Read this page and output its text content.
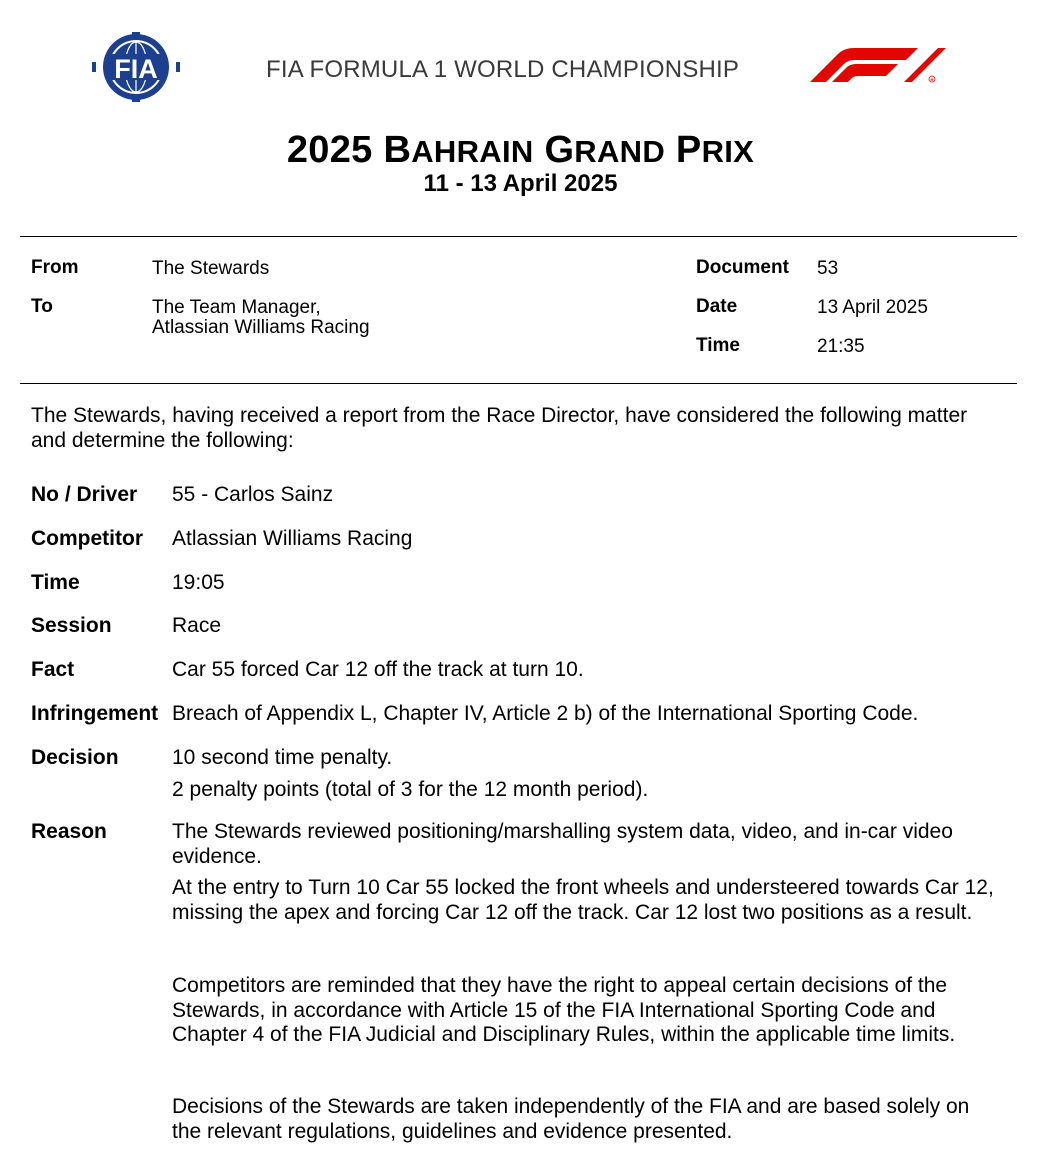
FIA	FIA FORMULA 1 WORLD CHAMPIONSHIP	R
2025 BAHRAIN GRAND PRIX
11 - 13 April 2025
From	The Stewards
To	The Team Manager,
Atlassian Williams Racing
Document 53
Date	13 April 2025
Time	21:35
The Stewards, having received a report from the Race Director, have considered the following matter and determine the following:
No / Driver 55 - Carlos Sainz
Competitor Atlassian Williams Racing
Time	19:05
Session	Race
Fact	Car 55 forced Car 12 off the track at turn 10.
Infringement Breach of Appendix L, Chapter IV, Article 2 b) of the International Sporting Code.
Decision	10 second time penalty.
2 penalty points (total of 3 for the 12 month period).
Reason	The Stewards reviewed positioning/marshalling system data, video, and in-car video evidence.
At the entry to Turn 10 Car 55 locked the front wheels and understeered towards Car 12, missing the apex and forcing Car 12 off the track. Car 12 lost two positions as a result.
Competitors are reminded that they have the right to appeal certain decisions of the Stewards, in accordance with Article 15 of the FIA International Sporting Code and Chapter 4 of the FIA Judicial and Disciplinary Rules, within the applicable time limits.
Decisions of the Stewards are taken independently of the FIA and are based solely on the relevant regulations, guidelines and evidence presented.
